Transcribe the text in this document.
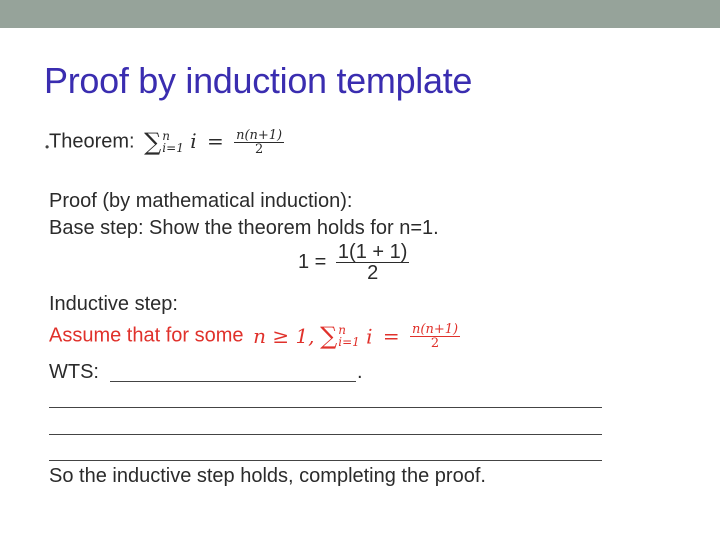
Proof by induction template
• Theorem: ∑ n
i=1 $i = \frac{n(n+1)}{2}$
Proof (by mathematical induction):
Base step: Show the theorem holds for n=1.
$1 = \frac{1(1 + 1)}{2}$
Inductive step:
Assume that for some n ≥ 1, ∑ n
i=1 $i = \frac{n(n+1)}{2}$
WTS:	.
So the inductive step holds, completing the proof.
